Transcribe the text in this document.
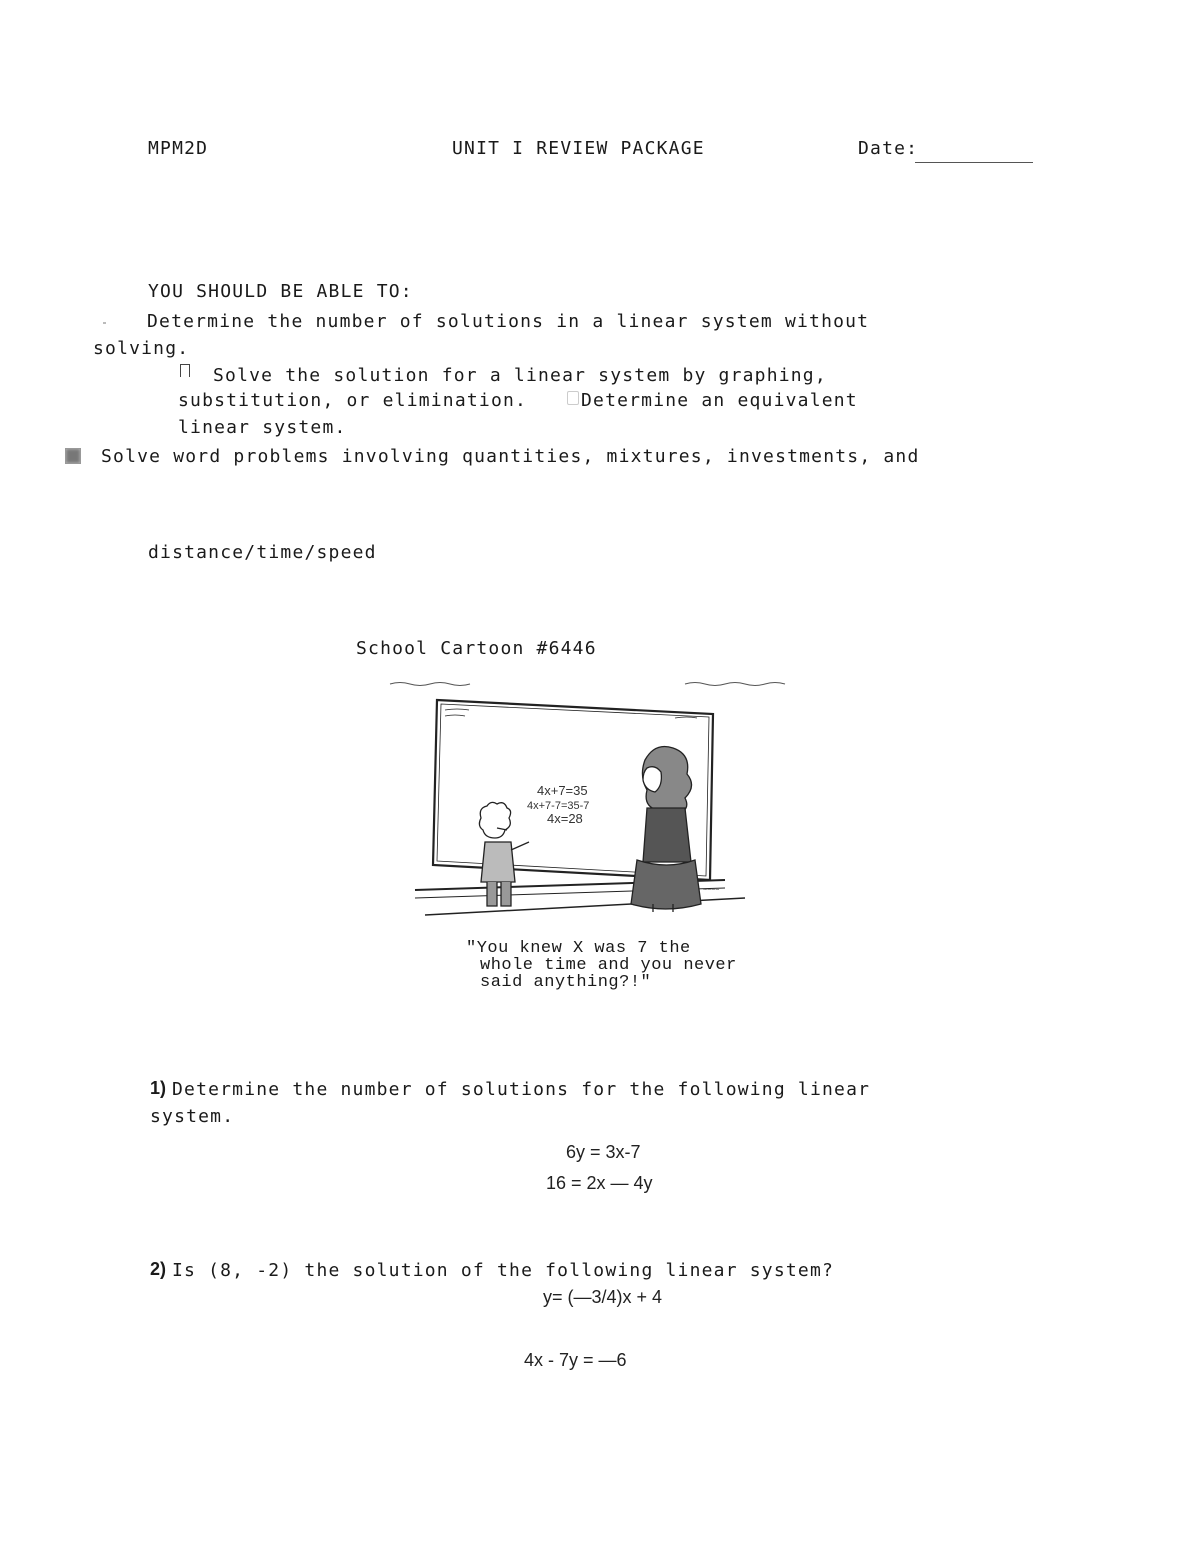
MPM2D	UNIT I REVIEW PACKAGE	Date:
YOU SHOULD BE ABLE TO:
Determine the number of solutions in a linear system without
solving.
Solve the solution for a linear system by graphing,
substitution, or elimination.	Determine an equivalent
linear system.
Solve word problems involving quantities, mixtures, investments, and
distance/time/speed
School Cartoon #6446
4x+7=35
4x+7-7=35-7
4x=28
~~~~
"You knew X was 7 the
whole time and you never
said anything?!"
1) Determine the number of solutions for the following linear
system.
6y = 3x-7
16 = 2x — 4y
2) Is (8, -2) the solution of the following linear system?
y= (—3/4)x + 4
4x - 7y = —6
